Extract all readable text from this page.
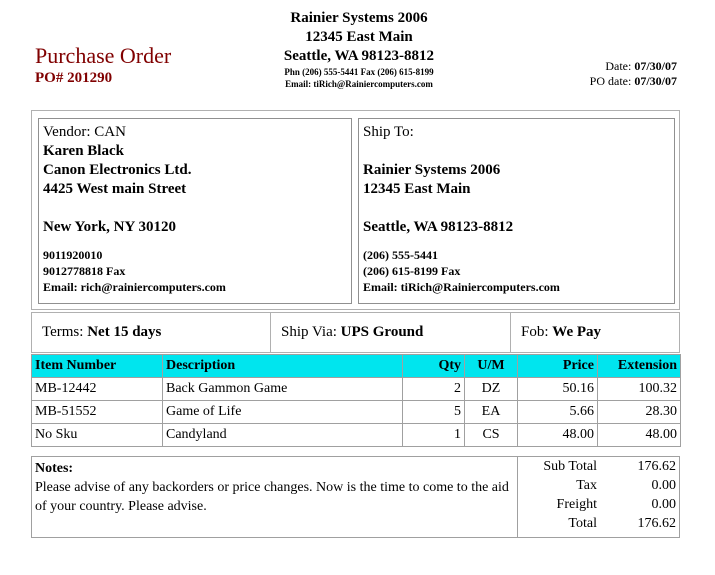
Purchase Order
PO# 201290
Rainier Systems 2006
12345 East Main
Seattle, WA 98123-8812
Phn (206) 555-5441 Fax (206) 615-8199
Email: tiRich@Rainiercomputers.com
Date: 07/30/07
PO date: 07/30/07
Vendor: CAN
Karen Black
Canon Electronics Ltd.
4425 West main Street
New York, NY 30120
9011920010
9012778818 Fax
Email: rich@rainiercomputers.com
Ship To:
Rainier Systems 2006
12345 East Main
Seattle, WA 98123-8812
(206) 555-5441
(206) 615-8199 Fax
Email: tiRich@Rainiercomputers.com
Terms: Net 15 days	Ship Via: UPS Ground	Fob: We Pay
Item Number	Description	Qty	U/M	Price	Extension
MB-12442	Back Gammon Game	2	DZ	50.16	100.32
MB-51552	Game of Life	5	EA	5.66	28.30
No Sku	Candyland	1	CS	48.00	48.00
Notes:
Please advise of any backorders or price changes. Now is the time to come to the aid of your country. Please advise.
Sub Total	176.62
Tax	0.00
Freight	0.00
Total	176.62
